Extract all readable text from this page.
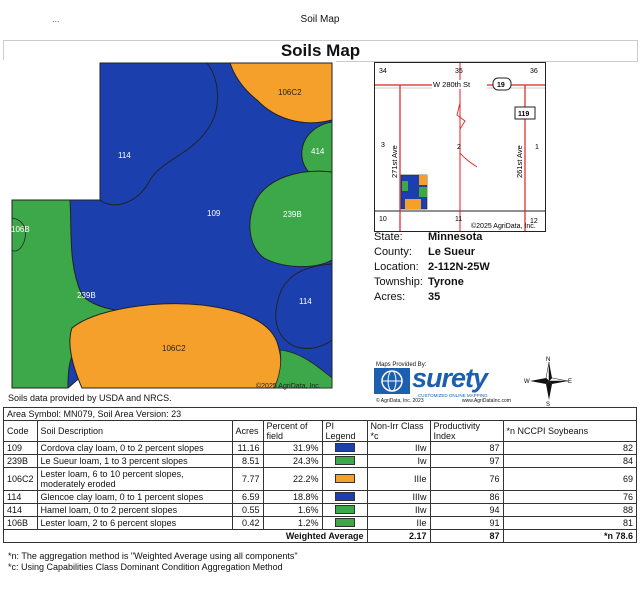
...	Soil Map
Soils Map
106C2
114	414
109	239B
106B
239B
114
106C2
©2025 AgriData, Inc.
Soils data provided by USDA and NRCS.
34	35	36
3	2	1
10	11	12
W 280th St	19
119
271st Ave	261st Ave
©2025 AgriData, Inc.
State: Minnesota
County: Le Sueur
Location: 2-112N-25W
Township: Tyrone
Acres: 35
Maps Provided By:
surety
CUSTOMIZED ONLINE MAPPING
© AgriData, Inc. 2023	www.AgriDataInc.com
N
S
E
W
Area Symbol: MN079, Soil Area Version: 23							
Code	Soil Description	Acres	Percent of field	PI Legend	Non-Irr Class *c	Productivity Index	*n NCCPI Soybeans
109	Cordova clay loam, 0 to 2 percent slopes	11.16	31.9%		IIw	87	82
239B	Le Sueur loam, 1 to 3 percent slopes	8.51	24.3%		Iw	97	84
106C2	Lester loam, 6 to 10 percent slopes, moderately eroded	7.77	22.2%		IIIe	76	69
114	Glencoe clay loam, 0 to 1 percent slopes	6.59	18.8%		IIIw	86	76
414	Hamel loam, 0 to 2 percent slopes	0.55	1.6%		IIw	94	88
106B	Lester loam, 2 to 6 percent slopes	0.42	1.2%		IIe	91	81
Weighted Average					2.17	87	*n 78.6
*n: The aggregation method is "Weighted Average using all components"
*c: Using Capabilities Class Dominant Condition Aggregation Method
